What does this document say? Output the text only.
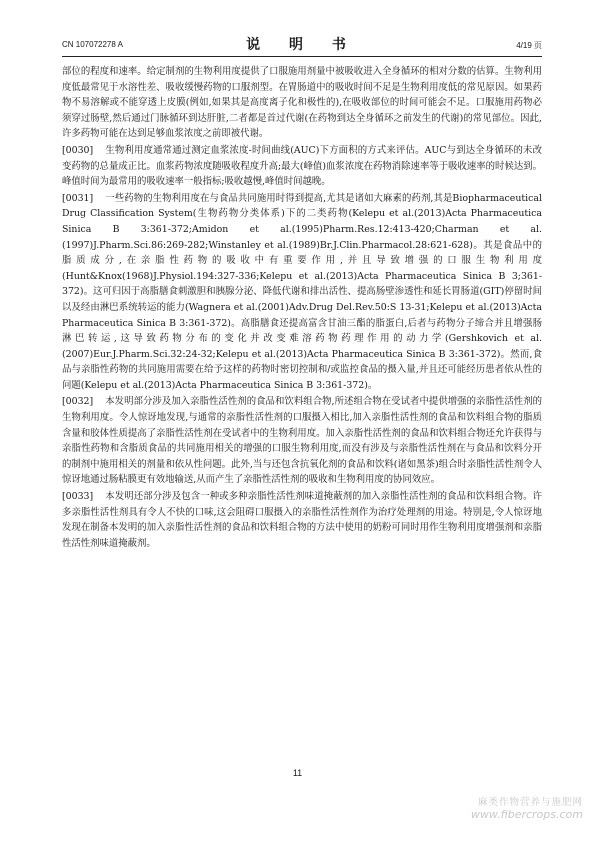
CN 107072278 A	说 明 书	4/19 页

部位的程度和速率。给定制剂的生物利用度提供了口服施用剂量中被吸收进入全身循环的相对分数的估算。生物利用度低最常见于水溶性差、吸收缓慢药物的口服剂型。在胃肠道中的吸收时间不足是生物利用度低的常见原因。如果药物不易溶解或不能穿透上皮膜(例如,如果其是高度离子化和极性的),在吸收部位的时间可能会不足。口服施用药物必须穿过肠壁,然后通过门脉循环到达肝脏,二者都是首过代谢(在药物到达全身循环之前发生的代谢)的常见部位。因此,许多药物可能在达到足够血浆浓度之前即被代谢。

[0030] 生物利用度通常通过测定血浆浓度-时间曲线(AUC)下方面积的方式来评估。AUC与到达全身循环的未改变药物的总量成正比。血浆药物浓度随吸收程度升高;最大(峰值)血浆浓度在药物消除速率等于吸收速率的时候达到。峰值时间为最常用的吸收速率一般指标;吸收越慢,峰值时间越晚。

[0031] 一些药物的生物利用度在与食品共同施用时得到提高,尤其是诸如大麻素的药剂,其是Biopharmaceutical Drug Classification System(生物药物分类体系)下的二类药物(Kelepu et al.(2013)Acta Pharmaceutica Sinica B 3:361-372;Amidon et al.(1995)Pharm.Res.12:413-420;Charman et al.(1997)J.Pharm.Sci.86:269-282;Winstanley et al.(1989)Br.J.Clin.Pharmacol.28:621-628)。其是食品中的脂质成分,在亲脂性药物的吸收中有重要作用,并且导致增强的口服生物利用度(Hunt&Knox(1968)J.Physiol.194:327-336;Kelepu et al.(2013)Acta Pharmaceutica Sinica B 3;361-372)。这可归因于高脂膳食刺激胆和胰腺分泌、降低代谢和排出活性、提高肠壁渗透性和延长胃肠道(GIT)停留时间以及经由淋巴系统转运的能力(Wagnera et al.(2001)Adv.Drug Del.Rev.50:S 13-31;Kelepu et al.(2013)Acta Pharmaceutica Sinica B 3:361-372)。高脂膳食还提高富含甘油三酯的脂蛋白,后者与药物分子缔合并且增强肠淋巴转运,这导致药物分布的变化并改变难溶药物药理作用的动力学(Gershkovich et al.(2007)Eur.J.Pharm.Sci.32:24-32;Kelepu et al.(2013)Acta Pharmaceutica Sinica B 3:361-372)。然而,食品与亲脂性药物的共同施用需要在给予这样的药物时密切控制和/或监控食品的摄入量,并且还可能经历患者依从性的问题(Kelepu et al.(2013)Acta Pharmaceutica Sinica B 3:361-372)。

[0032] 本发明部分涉及加入亲脂性活性剂的食品和饮料组合物,所述组合物在受试者中提供增强的亲脂性活性剂的生物利用度。令人惊讶地发现,与通常的亲脂性活性剂的口服摄入相比,加入亲脂性活性剂的食品和饮料组合物的脂质含量和胶体性质提高了亲脂性活性剂在受试者中的生物利用度。加入亲脂性活性剂的食品和饮料组合物还允许获得与亲脂性药物和含脂质食品的共同施用相关的增强的口服生物利用度,而没有涉及与亲脂性活性剂在与食品和饮料分开的制剂中施用相关的剂量和依从性问题。此外,当与还包含抗氧化剂的食品和饮料(诸如黑茶)组合时亲脂性活性剂令人惊讶地通过肠粘膜更有效地输送,从而产生了亲脂性活性剂的吸收和生物利用度的协同效应。

[0033] 本发明还部分涉及包含一种或多种亲脂性活性剂味道掩蔽剂的加入亲脂性活性剂的食品和饮料组合物。许多亲脂性活性剂具有令人不快的口味,这会阻碍口服摄入的亲脂性活性剂作为治疗处理剂的用途。特别是,令人惊讶地发现在制备本发明的加入亲脂性活性剂的食品和饮料组合物的方法中使用的奶粉可同时用作生物利用度增强剂和亲脂性活性剂味道掩蔽剂。

11
麻类作物营养与施肥网
www.fibercrops.com
